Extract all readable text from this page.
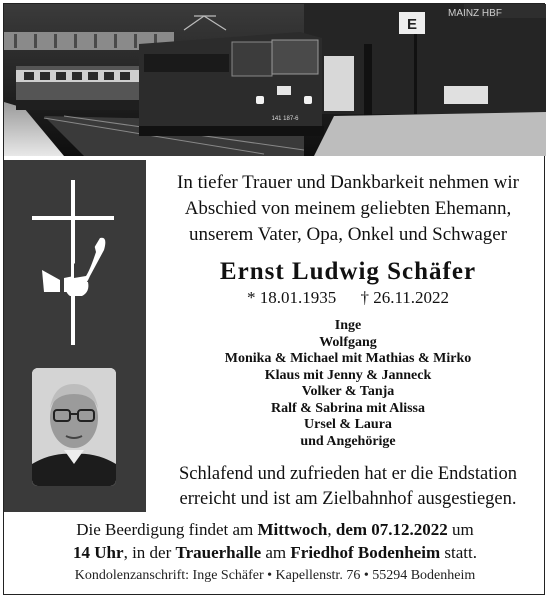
MAINZ HBF
E
141 187-6
In tiefer Trauer und Dankbarkeit nehmen wir
Abschied von meinem geliebten Ehemann,
unserem Vater, Opa, Onkel und Schwager
Ernst Ludwig Schäfer
* 18.01.1935 † 26.11.2022
Inge
Wolfgang
Monika & Michael mit Mathias & Mirko
Klaus mit Jenny & Janneck
Volker & Tanja
Ralf & Sabrina mit Alissa
Ursel & Laura
und Angehörige
Schlafend und zufrieden hat er die Endstation
erreicht und ist am Zielbahnhof ausgestiegen.
Die Beerdigung findet am Mittwoch, dem 07.12.2022 um
14 Uhr, in der Trauerhalle am Friedhof Bodenheim statt.
Kondolenzanschrift: Inge Schäfer • Kapellenstr. 76 • 55294 Bodenheim
